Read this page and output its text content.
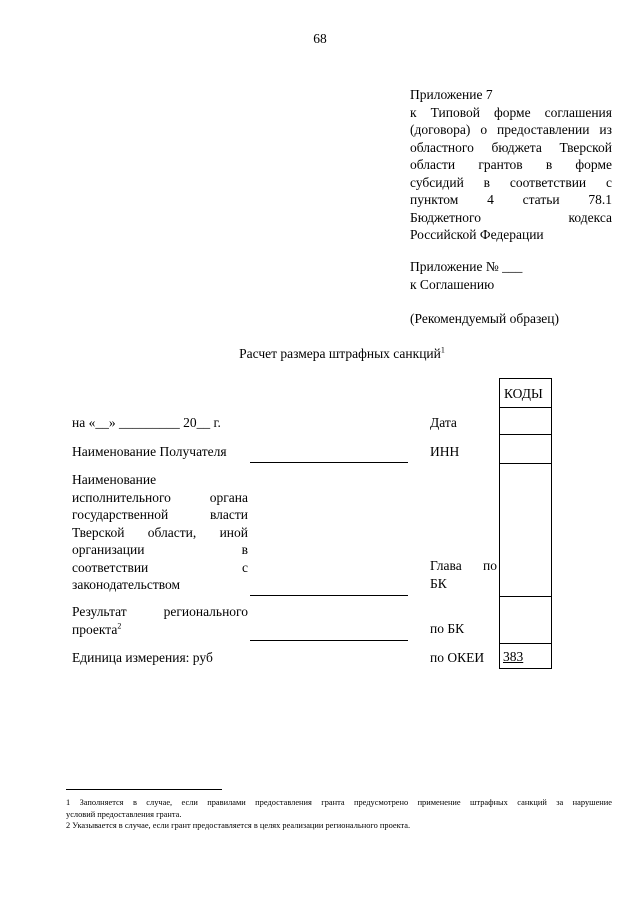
68
Приложение 7
к Типовой форме соглашения
(договора) о предоставлении из
областного бюджета Тверской
области грантов в форме
субсидий в соответствии с
пунктом 4 статьи 78.1
Бюджетного кодекса
Российской Федерации
Приложение № ___
к Соглашению
(Рекомендуемый образец)
Расчет размера штрафных санкций$^1$
КОДЫ
383
на «__» _________ 20__ г.
Наименование Получателя
Наименование
исполнительного органа
государственной власти
Тверской области, иной
организации в
соответствии с
законодательством
Результат регионального
проекта$^2$
Единица измерения: руб
Дата
ИНН
Глава по
БК
по БК
по ОКЕИ
1 Заполняется в случае, если правилами предоставления гранта предусмотрено применение штрафных санкций за нарушение
условий предоставления гранта.
2 Указывается в случае, если грант предоставляется в целях реализации регионального проекта.
